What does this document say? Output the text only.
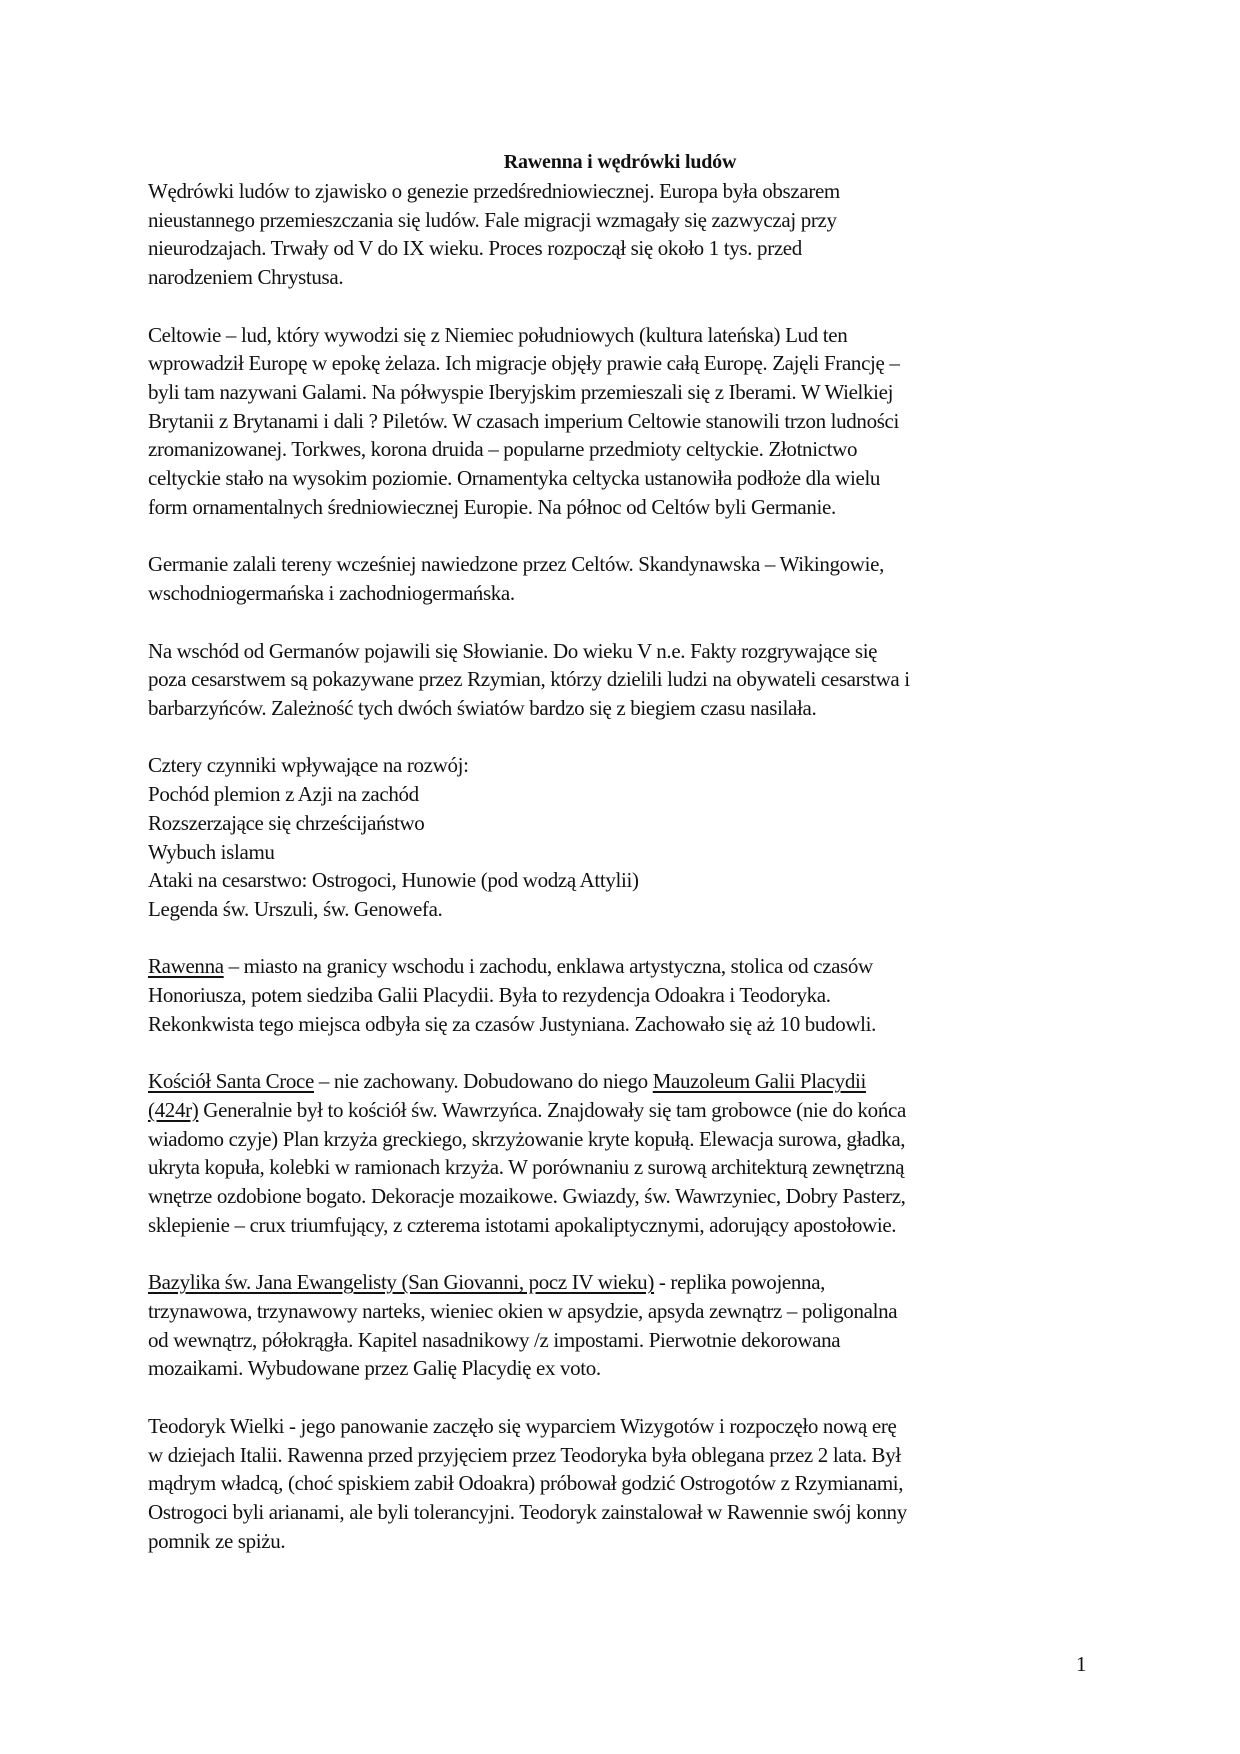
Rawenna i wędrówki ludów
Wędrówki ludów to zjawisko o genezie przedśredniowiecznej. Europa była obszarem
nieustannego przemieszczania się ludów. Fale migracji wzmagały się zazwyczaj przy
nieurodzajach. Trwały od V do IX wieku. Proces rozpoczął się około 1 tys. przed
narodzeniem Chrystusa.
Celtowie – lud, który wywodzi się z Niemiec południowych (kultura lateńska) Lud ten
wprowadził Europę w epokę żelaza. Ich migracje objęły prawie całą Europę. Zajęli Francję –
byli tam nazywani Galami. Na półwyspie Iberyjskim przemieszali się z Iberami. W Wielkiej
Brytanii z Brytanami i dali ? Piletów. W czasach imperium Celtowie stanowili trzon ludności
zromanizowanej. Torkwes, korona druida – popularne przedmioty celtyckie. Złotnictwo
celtyckie stało na wysokim poziomie. Ornamentyka celtycka ustanowiła podłoże dla wielu
form ornamentalnych średniowiecznej Europie. Na północ od Celtów byli Germanie.
Germanie zalali tereny wcześniej nawiedzone przez Celtów. Skandynawska – Wikingowie,
wschodniogermańska i zachodniogermańska.
Na wschód od Germanów pojawili się Słowianie. Do wieku V n.e. Fakty rozgrywające się
poza cesarstwem są pokazywane przez Rzymian, którzy dzielili ludzi na obywateli cesarstwa i
barbarzyńców. Zależność tych dwóch światów bardzo się z biegiem czasu nasilała.
Cztery czynniki wpływające na rozwój:
Pochód plemion z Azji na zachód
Rozszerzające się chrześcijaństwo
Wybuch islamu
Ataki na cesarstwo: Ostrogoci, Hunowie (pod wodzą Attylii)
Legenda św. Urszuli, św. Genowefa.
Rawenna – miasto na granicy wschodu i zachodu, enklawa artystyczna, stolica od czasów
Honoriusza, potem siedziba Galii Placydii. Była to rezydencja Odoakra i Teodoryka.
Rekonkwista tego miejsca odbyła się za czasów Justyniana. Zachowało się aż 10 budowli.
Kościół Santa Croce – nie zachowany. Dobudowano do niego Mauzoleum Galii Placydii
(424r) Generalnie był to kościół św. Wawrzyńca. Znajdowały się tam grobowce (nie do końca
wiadomo czyje) Plan krzyża greckiego, skrzyżowanie kryte kopułą. Elewacja surowa, gładka,
ukryta kopuła, kolebki w ramionach krzyża. W porównaniu z surową architekturą zewnętrzną
wnętrze ozdobione bogato. Dekoracje mozaikowe. Gwiazdy, św. Wawrzyniec, Dobry Pasterz,
sklepienie – crux triumfujący, z czterema istotami apokaliptycznymi, adorujący apostołowie.
Bazylika św. Jana Ewangelisty (San Giovanni, pocz IV wieku) - replika powojenna,
trzynawowa, trzynawowy narteks, wieniec okien w apsydzie, apsyda zewnątrz – poligonalna
od wewnątrz, półokrągła. Kapitel nasadnikowy /z impostami. Pierwotnie dekorowana
mozaikami. Wybudowane przez Galię Placydię ex voto.
Teodoryk Wielki - jego panowanie zaczęło się wyparciem Wizygotów i rozpoczęło nową erę
w dziejach Italii. Rawenna przed przyjęciem przez Teodoryka była oblegana przez 2 lata. Był
mądrym władcą, (choć spiskiem zabił Odoakra) próbował godzić Ostrogotów z Rzymianami,
Ostrogoci byli arianami, ale byli tolerancyjni. Teodoryk zainstalował w Rawennie swój konny
pomnik ze spiżu.
1
